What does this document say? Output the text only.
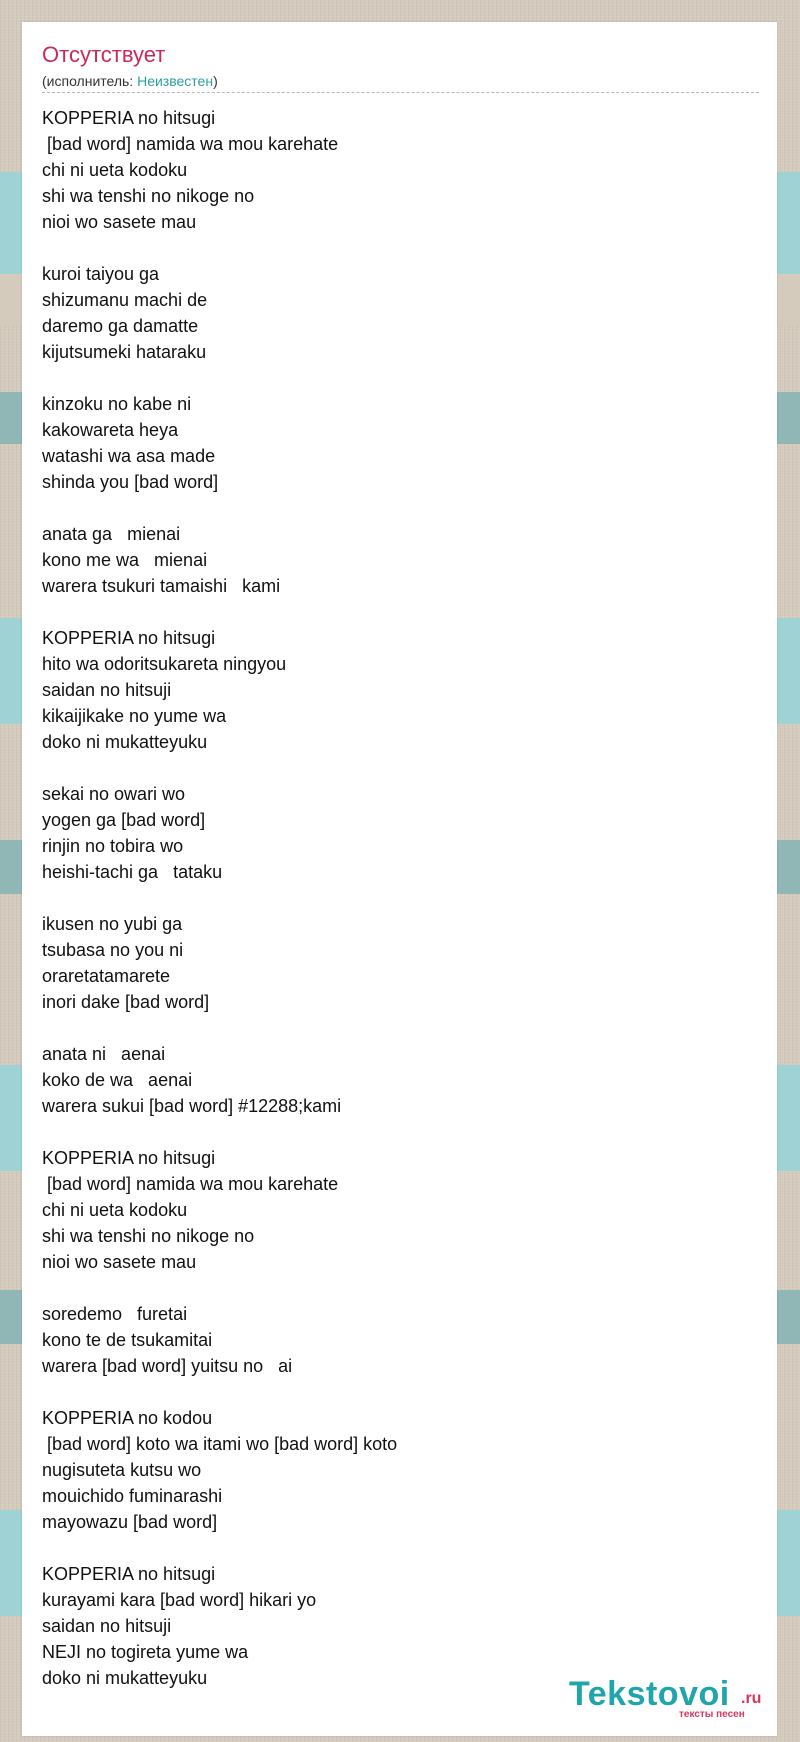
Отсутствует
(исполнитель: Неизвестен)
KOPPERIA no hitsugi
[bad word] namida wa mou karehate
chi ni ueta kodoku
shi wa tenshi no nikoge no
nioi wo sasete mau
kuroi taiyou ga
shizumanu machi de
daremo ga damatte
kijutsumeki hataraku
kinzoku no kabe ni
kakowareta heya
watashi wa asa made
shinda you [bad word]
anata ga   mienai
kono me wa   mienai
warera tsukuri tamaishi   kami
KOPPERIA no hitsugi
hito wa odoritsukareta ningyou
saidan no hitsuji
kikaijikake no yume wa
doko ni mukatteyuku
sekai no owari wo
yogen ga [bad word]
rinjin no tobira wo
heishi-tachi ga   tataku
ikusen no yubi ga
tsubasa no you ni
oraretatamarete
inori dake [bad word]
anata ni   aenai
koko de wa   aenai
warera sukui [bad word] #12288;kami
KOPPERIA no hitsugi
[bad word] namida wa mou karehate
chi ni ueta kodoku
shi wa tenshi no nikoge no
nioi wo sasete mau
soredemo   furetai
kono te de tsukamitai
warera [bad word] yuitsu no   ai
KOPPERIA no kodou
[bad word] koto wa itami wo [bad word] koto
nugisuteta kutsu wo
mouichido fuminarashi
mayowazu [bad word]
KOPPERIA no hitsugi
kurayami kara [bad word] hikari yo
saidan no hitsuji
NEJI no togireta yume wa
doko ni mukatteyuku	Tekstovoi .ru
тексты песен
